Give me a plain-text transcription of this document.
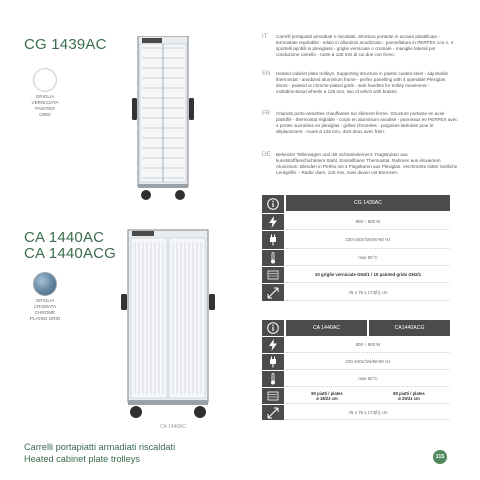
CG 1439AC
GRIGLIA
VERNICIATA
PAINTED
GRID
CA 1440AC
CA 1440ACG
GRIGLIA
CROMATA
CHROME
PLATED GRID
CA 1440AC
Carrelli portapiatti armadiati riscaldati
Heated cabinet plate trolleys	115
IT Carrelli portapiatti armadiati e riscaldati. Struttura portante in acciaio plastificato - termostato regolabile - telaio in alluminio anodizzato - pannellatura in PERFEX con n. 4 sportelli apribili in plexiglass - griglie verniciate o cromate - maniglie laterali per conduzione carrello - ruote ø 125 mm di cui due con freno.
EN Heated cabinet plate trolleys. Supporting structure in plastic coated steel - adjustable thermostat - anodized aluminium frame - perfex panelling with 4 openable Plexiglas doors - painted or chrome-plated grids - side handles for trolley movement - multidirectional wheels ø 125 mm, two of which with brakes.
FR Chariots porte-assiettes chauffantes sur élément fermé. Structure portante en acier plastifié - thermostat réglable - corps en aluminium anodisé - panneaux en PERFEX avec 4 portes ouvrables en plexiglas - grilles chromées - poignées latérales pour le déplacement - roues ø 125 mm, dont deux avec frein.
DE Beheizter Tellerwagen und mit Schrankelement. Tragstruktur aus kunststoffbeschichtetem Stahl. Einstellbarer Thermostat. Rahmen aus eloxiertem Aluminium. Blenden in Perfex mit 4 Flügeltüren aus Plexiglas. Verchromte Gitter Seitliche Lenkgriffe. - Räder diam. 125 mm, zwei davon mit Bremsen.
CG 1439AC
800 ÷ 800 W
230-240V/1N/50-60 Hz
max 80°C
10 griglie verniciate GN2/1 / 10 painted grids GN2/1
75 x 78 x 173(h) cm
CA 1440AC	CA1440ACG
800 ÷ 800 W
230-240V/1N/50-60 Hz
max 80°C
80 piatti / plates
ø 18/23 cm
80 piatti / plates
ø 25/31 cm
75 x 78 x 173(h) cm
